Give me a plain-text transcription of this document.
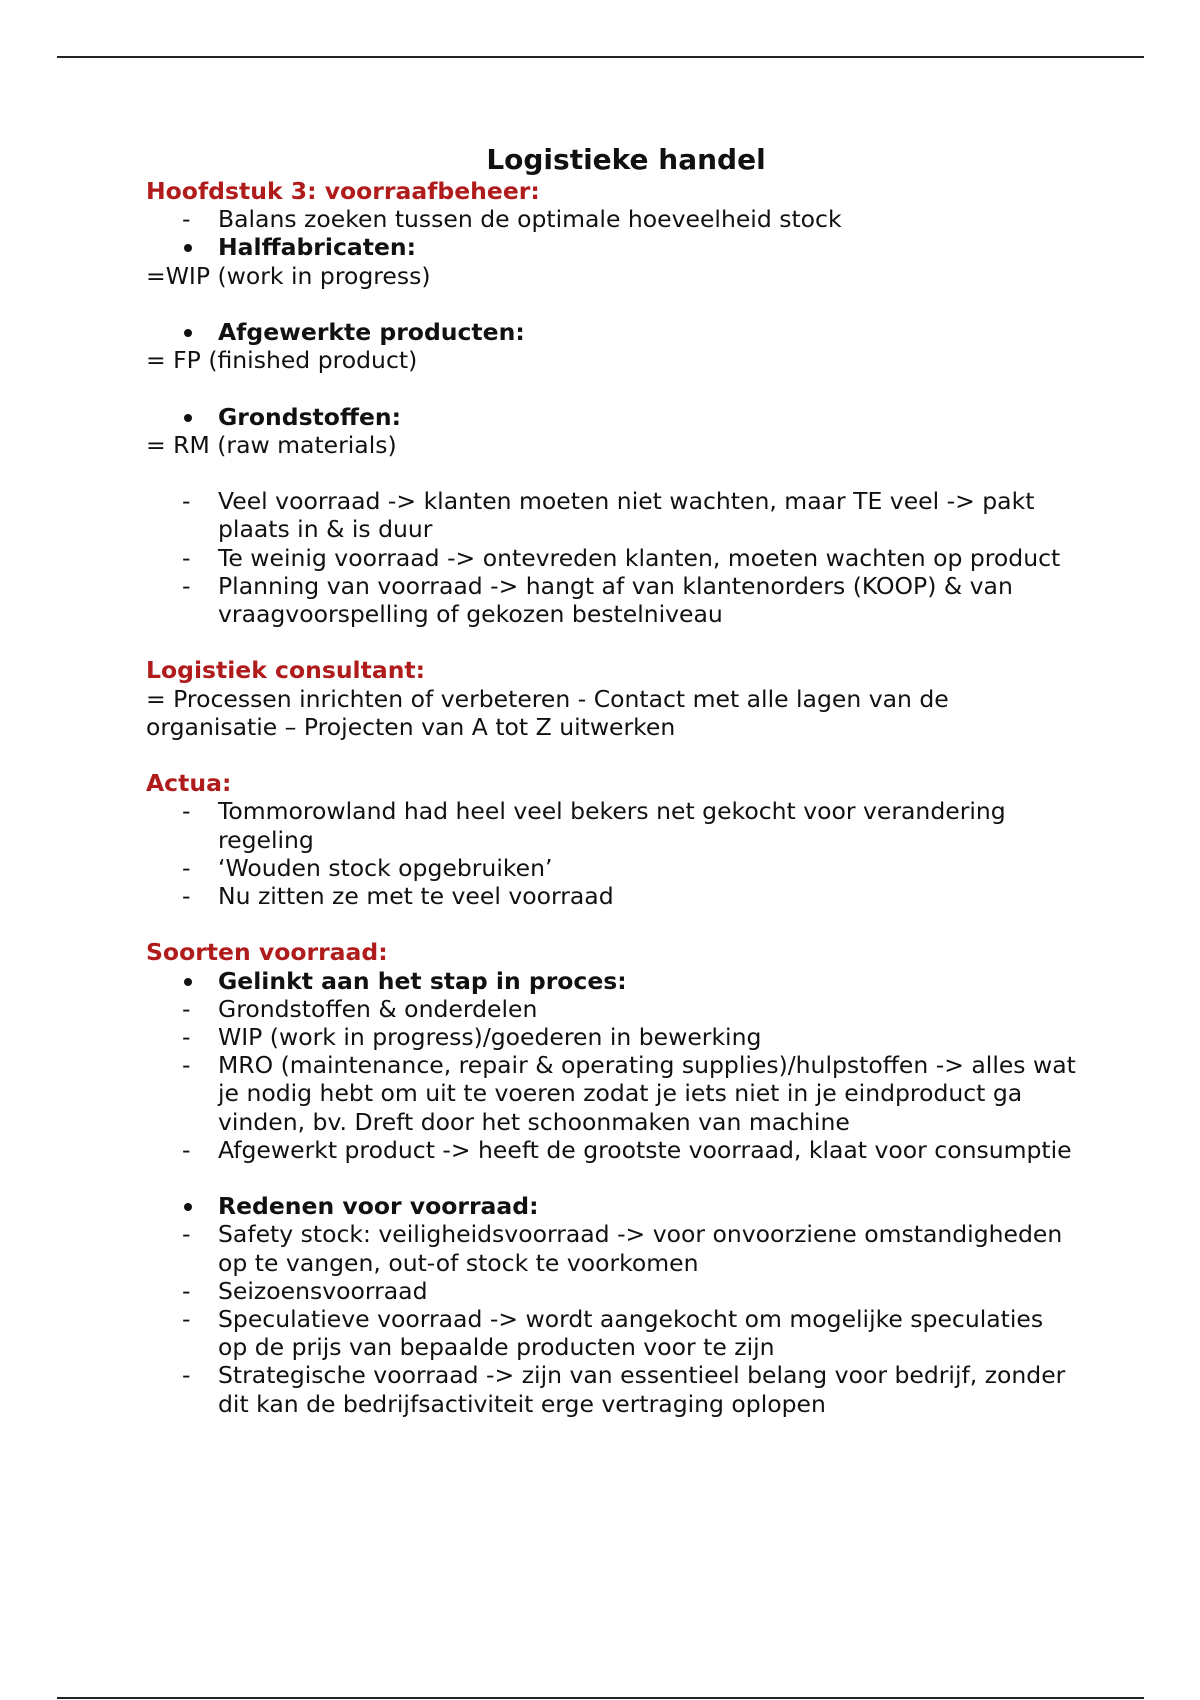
Logistieke handel
Hoofdstuk 3: voorraafbeheer:
-	Balans zoeken tussen de optimale hoeveelheid stock
Halffabricaten:
=WIP (work in progress)
Afgewerkte producten:
= FP (finished product)
Grondstoffen:
= RM (raw materials)
-	Veel voorraad -> klanten moeten niet wachten, maar TE veel -> pakt plaats in & is duur
-	Te weinig voorraad -> ontevreden klanten, moeten wachten op product
-	Planning van voorraad -> hangt af van klantenorders (KOOP) & van vraagvoorspelling of gekozen bestelniveau
Logistiek consultant:
= Processen inrichten of verbeteren - Contact met alle lagen van de organisatie – Projecten van A tot Z uitwerken
Actua:
-	Tommorowland had heel veel bekers net gekocht voor verandering regeling
-	‘Wouden stock opgebruiken’
-	Nu zitten ze met te veel voorraad
Soorten voorraad:
Gelinkt aan het stap in proces:
-	Grondstoffen & onderdelen
-	WIP (work in progress)/goederen in bewerking
-	MRO (maintenance, repair & operating supplies)/hulpstoffen -> alles wat je nodig hebt om uit te voeren zodat je iets niet in je eindproduct ga vinden, bv. Dreft door het schoonmaken van machine
-	Afgewerkt product -> heeft de grootste voorraad, klaat voor consumptie
Redenen voor voorraad:
-	Safety stock: veiligheidsvoorraad -> voor onvoorziene omstandigheden op te vangen, out-of stock te voorkomen
-	Seizoensvoorraad
-	Speculatieve voorraad -> wordt aangekocht om mogelijke speculaties op de prijs van bepaalde producten voor te zijn
-	Strategische voorraad -> zijn van essentieel belang voor bedrijf, zonder dit kan de bedrijfsactiviteit erge vertraging oplopen
